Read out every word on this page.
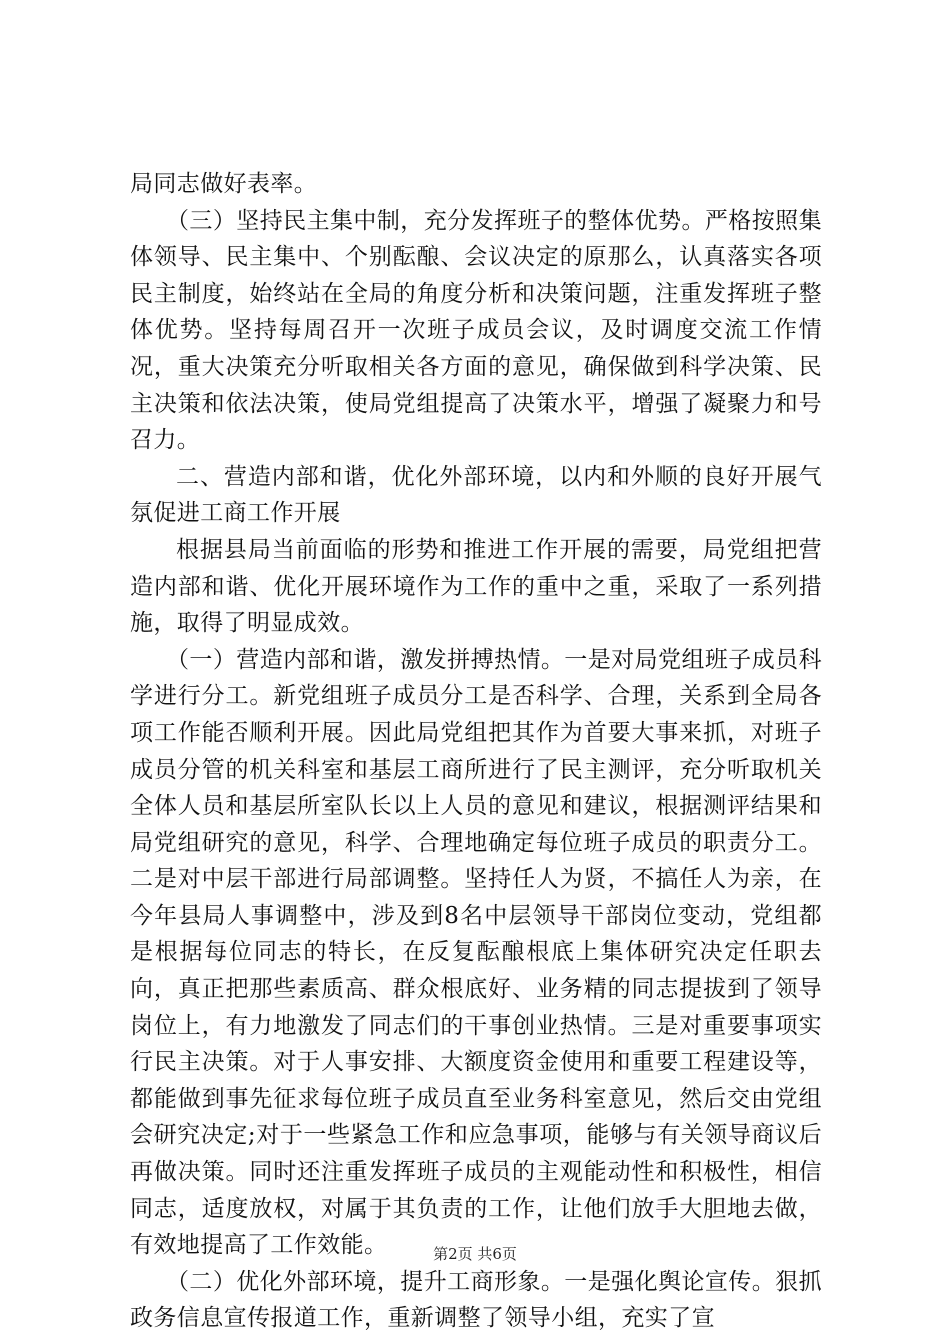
局同志做好表率。

（三）坚持民主集中制，充分发挥班子的整体优势。严格按照集体领导、民主集中、个别酝酿、会议决定的原那么，认真落实各项民主制度，始终站在全局的角度分析和决策问题，注重发挥班子整体优势。坚持每周召开一次班子成员会议，及时调度交流工作情况，重大决策充分听取相关各方面的意见，确保做到科学决策、民主决策和依法决策，使局党组提高了决策水平，增强了凝聚力和号召力。

二、营造内部和谐，优化外部环境，以内和外顺的良好开展气氛促进工商工作开展

根据县局当前面临的形势和推进工作开展的需要，局党组把营造内部和谐、优化开展环境作为工作的重中之重，采取了一系列措施，取得了明显成效。

（一）营造内部和谐，激发拼搏热情。一是对局党组班子成员科学进行分工。新党组班子成员分工是否科学、合理，关系到全局各项工作能否顺利开展。因此局党组把其作为首要大事来抓，对班子成员分管的机关科室和基层工商所进行了民主测评，充分听取机关全体人员和基层所室队长以上人员的意见和建议，根据测评结果和局党组研究的意见，科学、合理地确定每位班子成员的职责分工。二是对中层干部进行局部调整。坚持任人为贤，不搞任人为亲，在今年县局人事调整中，涉及到8名中层领导干部岗位变动，党组都是根据每位同志的特长，在反复酝酿根底上集体研究决定任职去向，真正把那些素质高、群众根底好、业务精的同志提拔到了领导岗位上，有力地激发了同志们的干事创业热情。三是对重要事项实行民主决策。对于人事安排、大额度资金使用和重要工程建设等，都能做到事先征求每位班子成员直至业务科室意见，然后交由党组会研究决定;对于一些紧急工作和应急事项，能够与有关领导商议后再做决策。同时还注重发挥班子成员的主观能动性和积极性，相信同志，适度放权，对属于其负责的工作，让他们放手大胆地去做，有效地提高了工作效能。

（二）优化外部环境，提升工商形象。一是强化舆论宣传。狠抓政务信息宣传报道工作，重新调整了领导小组，充实了宣

第2页 共6页
